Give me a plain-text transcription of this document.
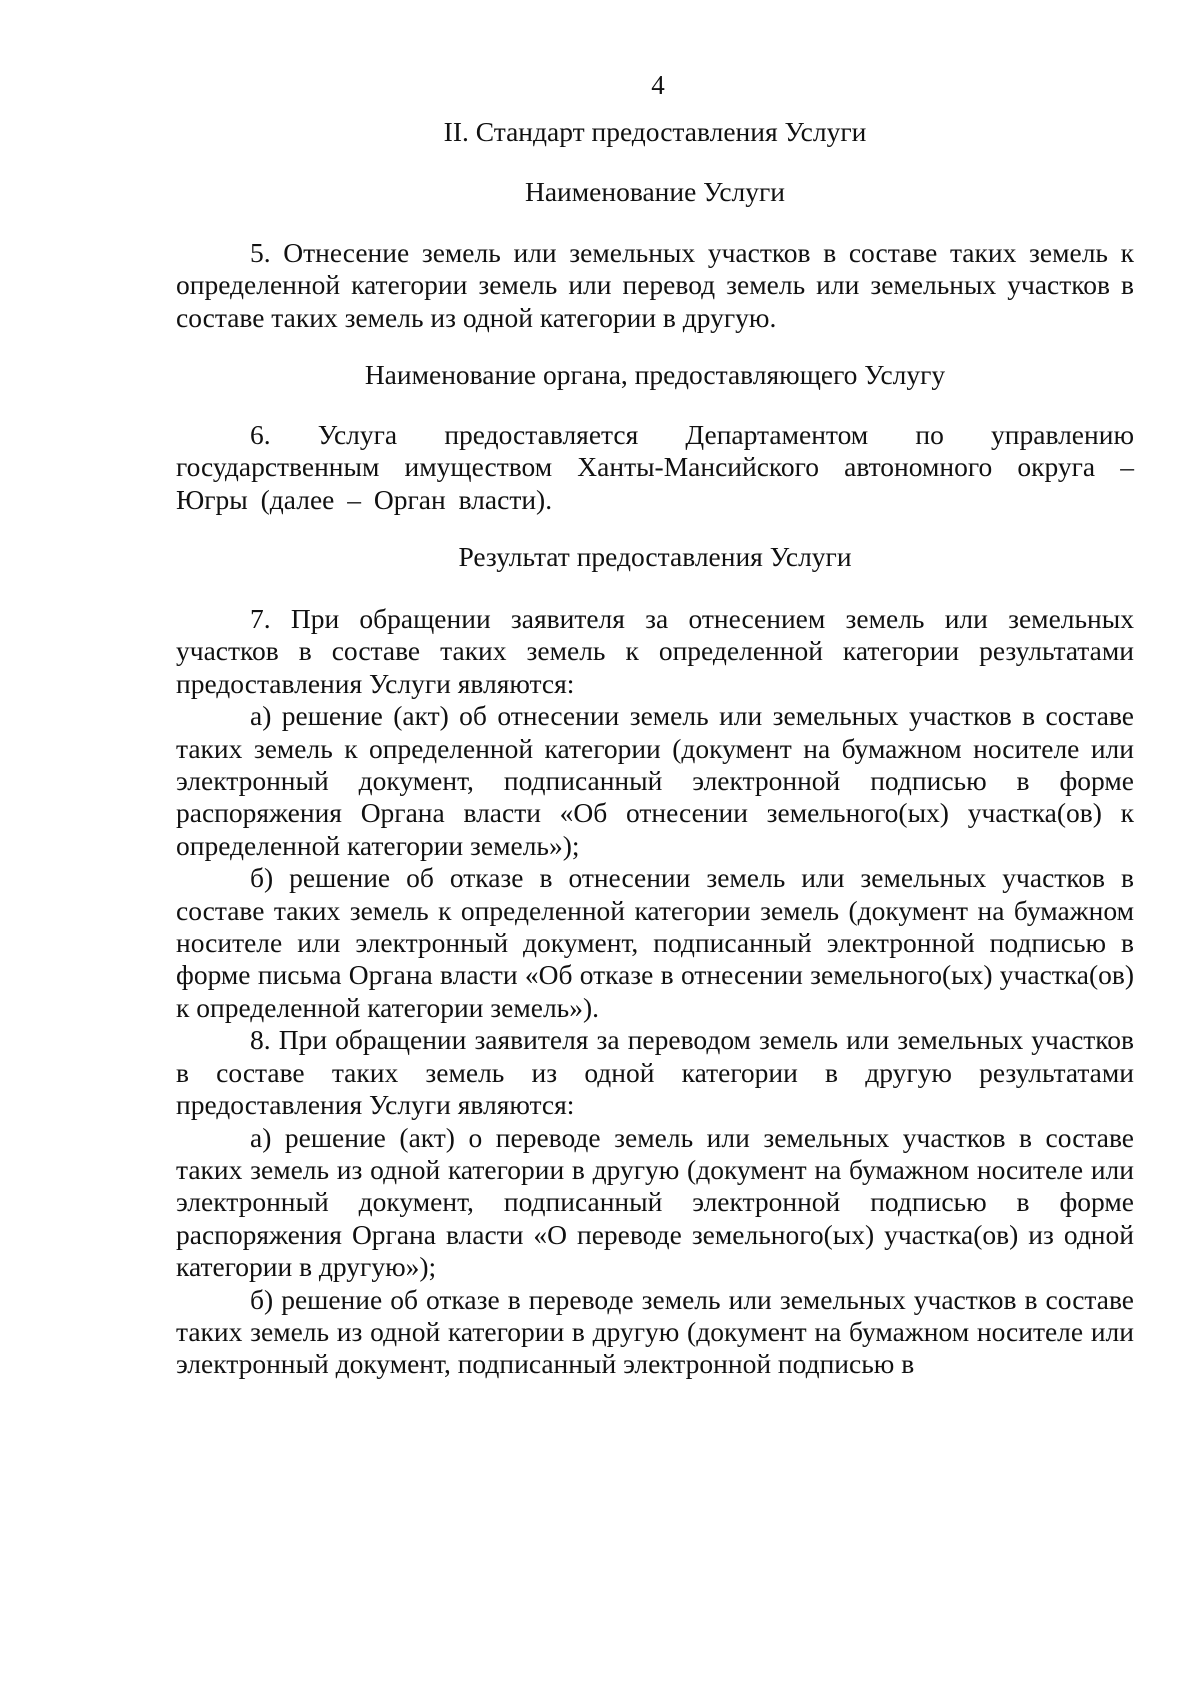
4
II. Стандарт предоставления Услуги
Наименование Услуги

5. Отнесение земель или земельных участков в составе таких земель к определенной категории земель или перевод земель или земельных участков в составе таких земель из одной категории в другую.

Наименование органа, предоставляющего Услугу

6. Услуга предоставляется Департаментом по управлению государственным имуществом Ханты-Мансийского автономного округа – Югры (далее – Орган власти).

Результат предоставления Услуги

7. При обращении заявителя за отнесением земель или земельных участков в составе таких земель к определенной категории результатами предоставления Услуги являются:

а) решение (акт) об отнесении земель или земельных участков в составе таких земель к определенной категории (документ на бумажном носителе или электронный документ, подписанный электронной подписью в форме распоряжения Органа власти «Об отнесении земельного(ых) участка(ов) к определенной категории земель»);

б) решение об отказе в отнесении земель или земельных участков в составе таких земель к определенной категории земель (документ на бумажном носителе или электронный документ, подписанный электронной подписью в форме письма Органа власти «Об отказе в отнесении земельного(ых) участка(ов) к определенной категории земель»).

8. При обращении заявителя за переводом земель или земельных участков в составе таких земель из одной категории в другую результатами предоставления Услуги являются:

а) решение (акт) о переводе земель или земельных участков в составе таких земель из одной категории в другую (документ на бумажном носителе или электронный документ, подписанный электронной подписью в форме распоряжения Органа власти «О переводе земельного(ых) участка(ов) из одной категории в другую»);

б) решение об отказе в переводе земель или земельных участков в составе таких земель из одной категории в другую (документ на бумажном носителе или электронный документ, подписанный электронной подписью в
